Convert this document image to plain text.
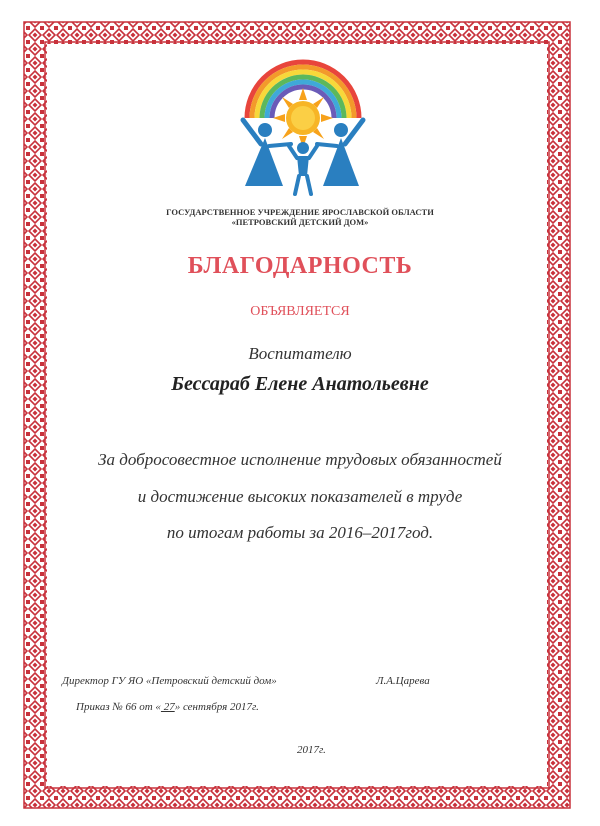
ГОСУДАРСТВЕННОЕ УЧРЕЖДЕНИЕ ЯРОСЛАВСКОЙ ОБЛАСТИ
«ПЕТРОВСКИЙ ДЕТСКИЙ ДОМ»
БЛАГОДАРНОСТЬ
ОБЪЯВЛЯЕТСЯ
Воспитателю
Бессараб Елене Анатольевне
За добросовестное исполнение трудовых обязанностей
и достижение высоких показателей в труде
по итогам работы за 2016–2017год.
Директор ГУ ЯО «Петровский детский дом»	Л.А.Царева
Приказ № 66 от « 27» сентября 2017г.
2017г.
